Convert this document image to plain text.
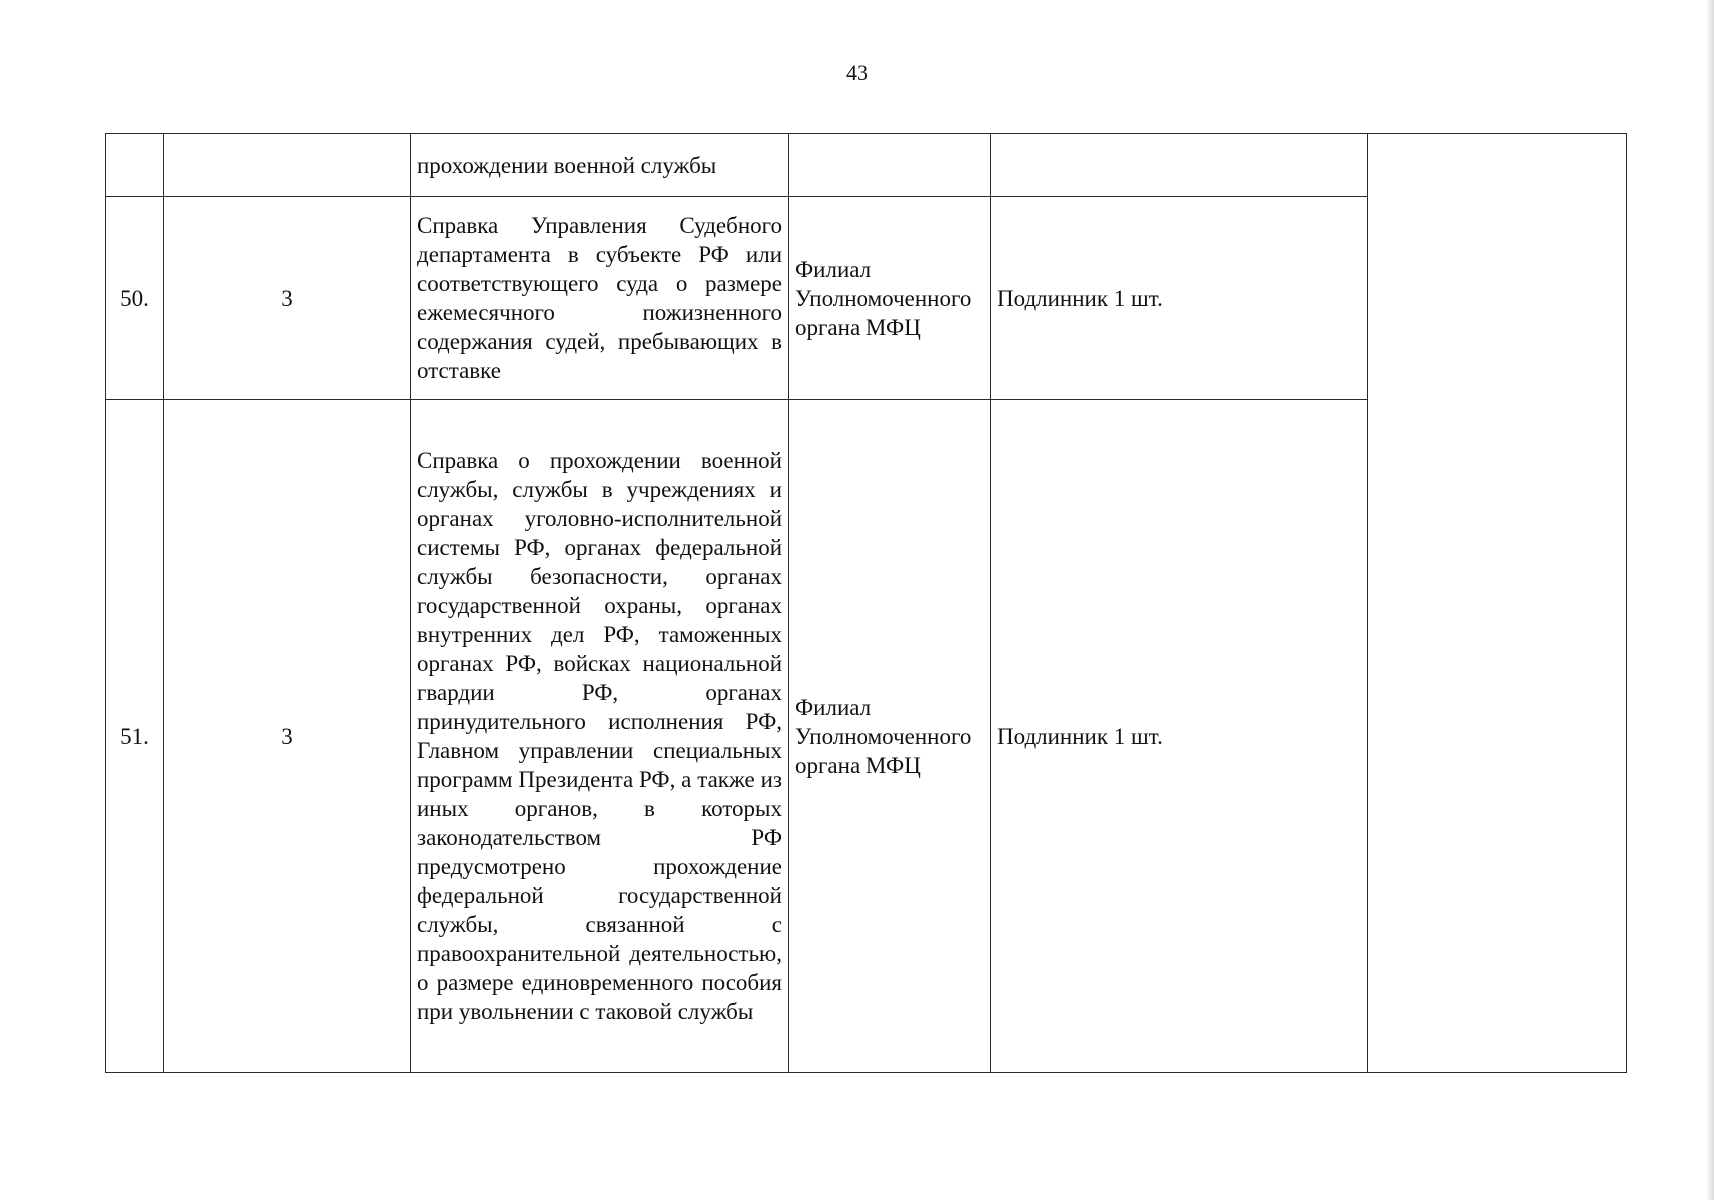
43
		прохождении военной службы			
50.	3	Справка Управления Судебного департамента в субъекте РФ или соответствующего суда о размере ежемесячного пожизненного содержания судей, пребывающих в отставке	Филиал Уполномоченного органа МФЦ	Подлинник 1 шт.	
51.	3	Справка о прохождении военной службы, службы в учреждениях и органах уголовно-исполнительной системы РФ, органах федеральной службы безопасности, органах государственной охраны, органах внутренних дел РФ, таможенных органах РФ, войсках национальной гвардии РФ, органах принудительного исполнения РФ, Главном управлении специальных программ Президента РФ, а также из иных органов, в которых законодательством РФ предусмотрено прохождение федеральной государственной службы, связанной с правоохранительной деятельностью, о размере единовременного пособия при увольнении с таковой службы	Филиал Уполномоченного органа МФЦ	Подлинник 1 шт.	
